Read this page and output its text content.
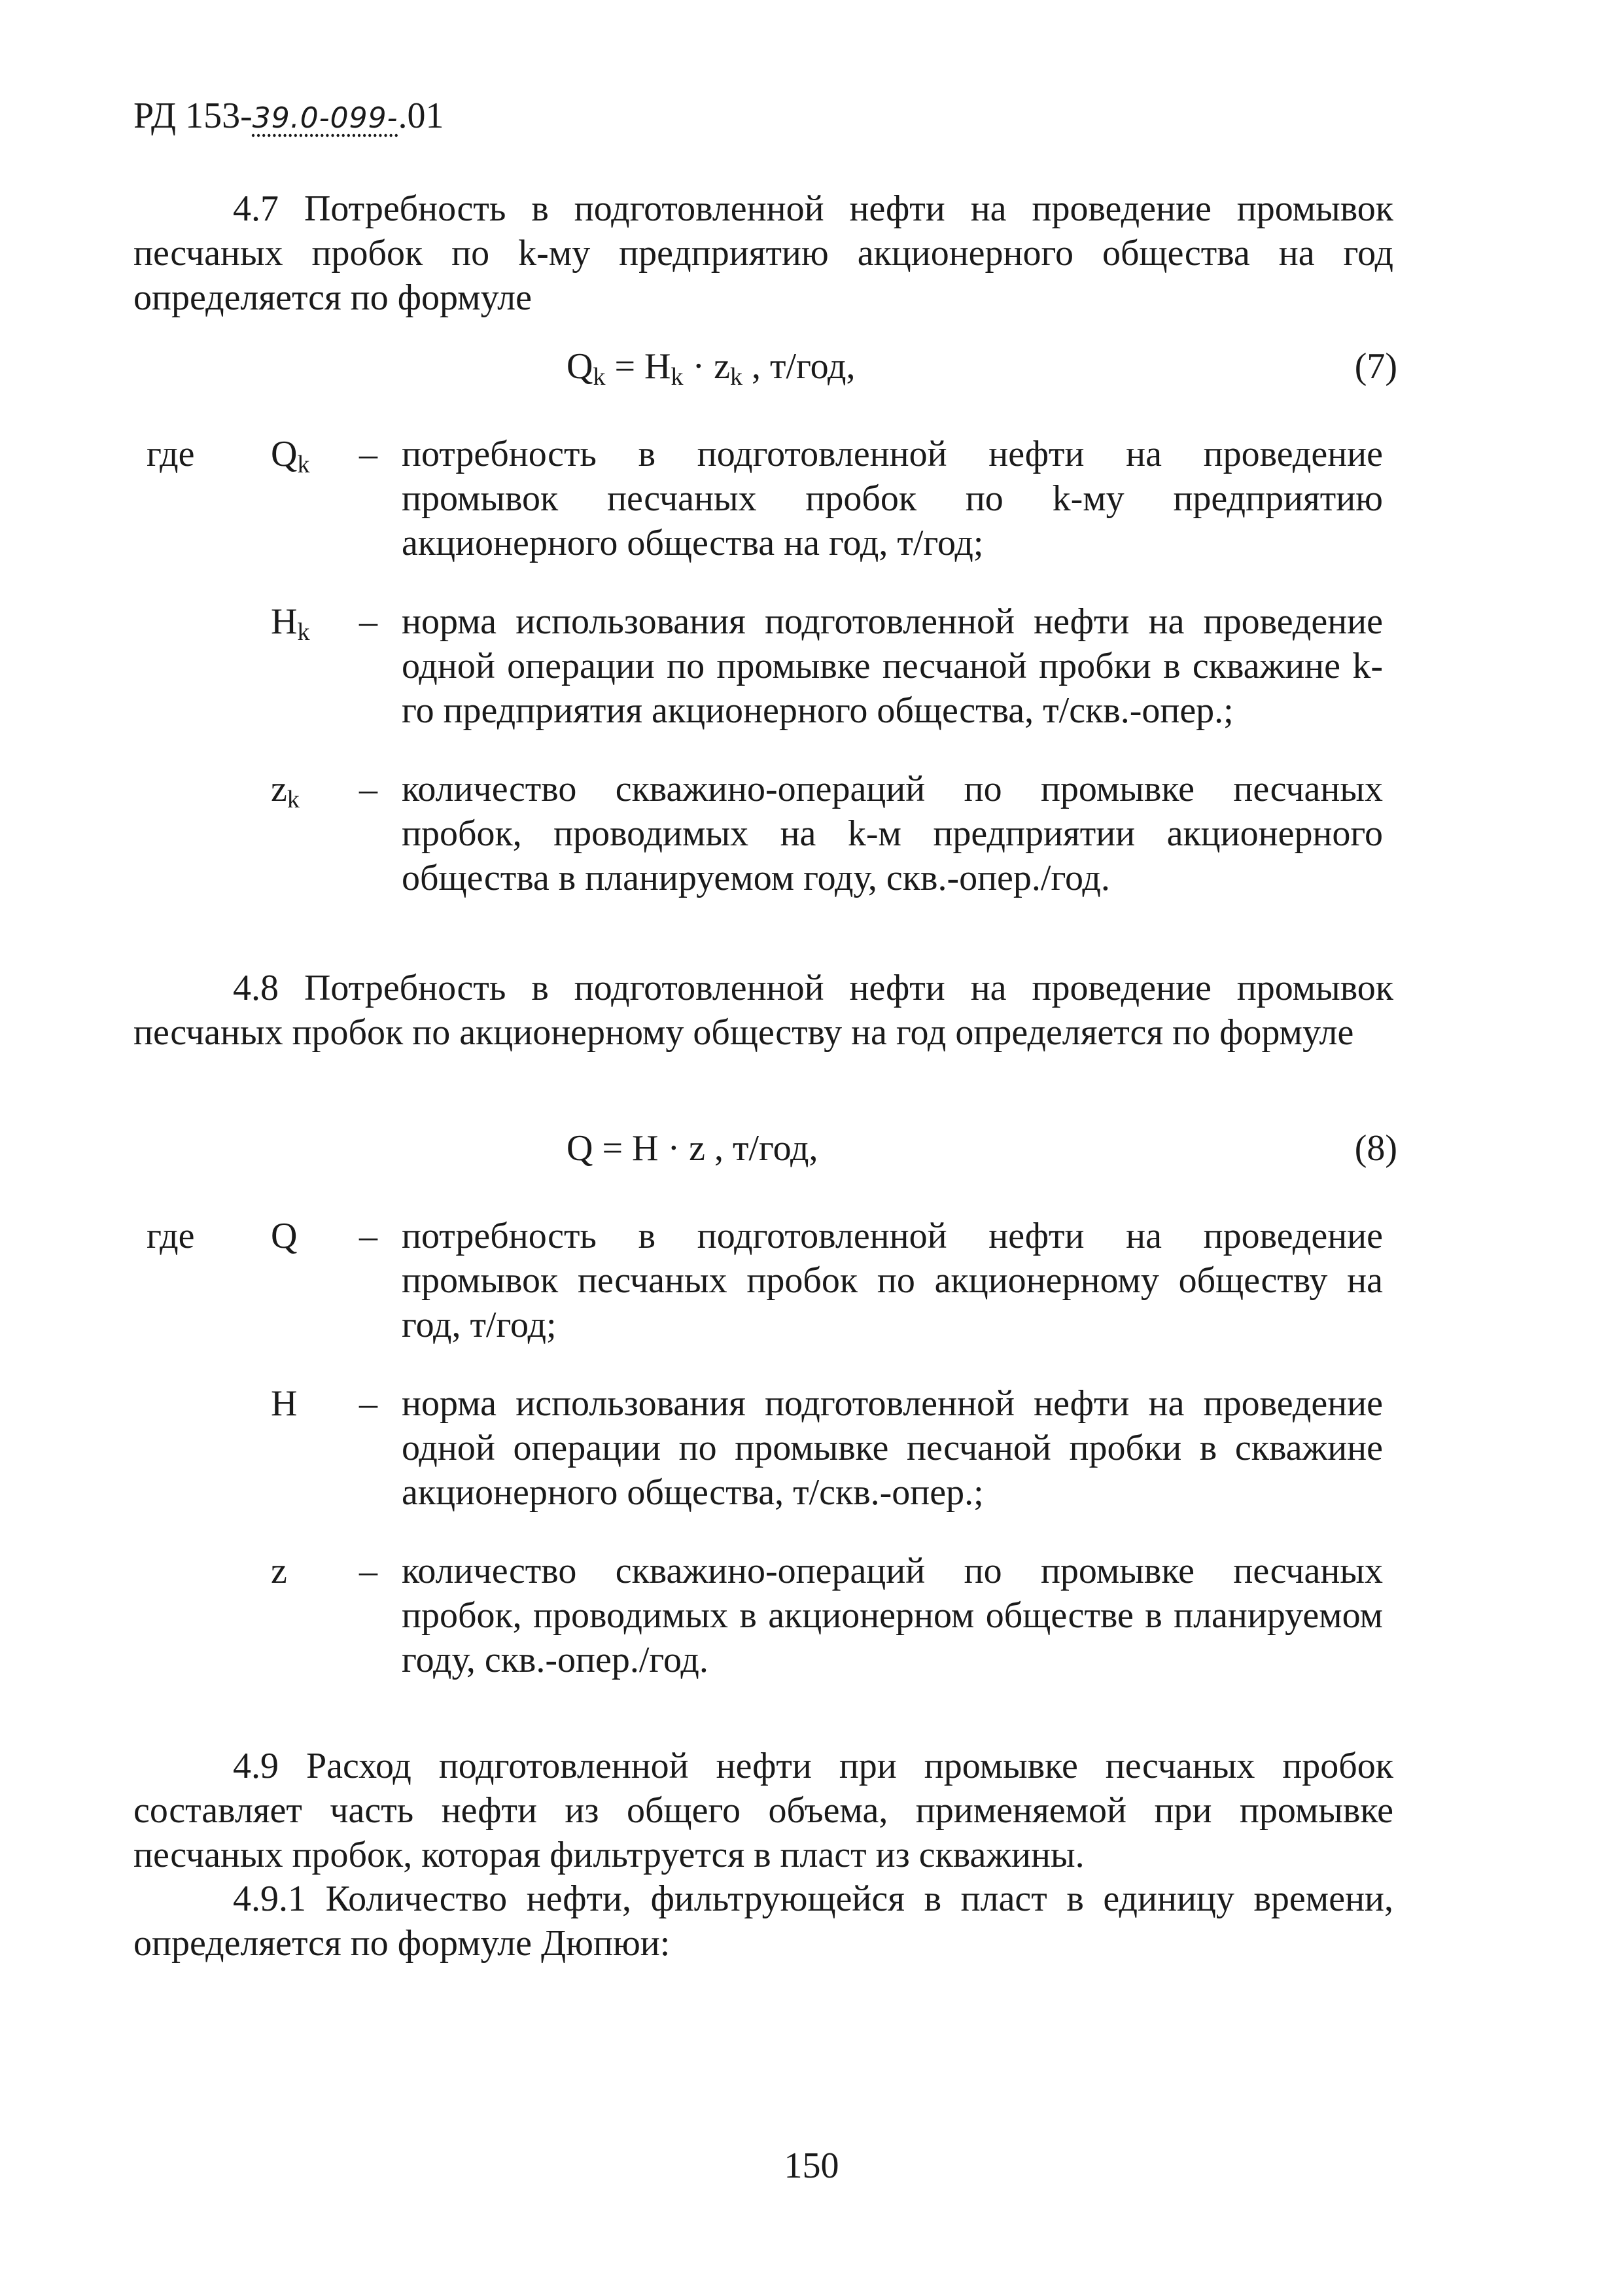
РД 153-39.0-099-.01
4.7 Потребность в подготовленной нефти на проведение промывок песчаных пробок по k-му предприятию акционерного общества на год определяется по формуле
$Q_k = H_k \cdot z_k$ , т/год,	(7)
где $Q_k$ – потребность в подготовленной нефти на проведение промывок песчаных пробок по k-му предприятию акционерного общества на год, т/год;
$H_k$ – норма использования подготовленной нефти на проведение одной операции по промывке песчаной пробки в скважине k-го предприятия акционерного общества, т/скв.-опер.;
$z_k$ – количество скважино-операций по промывке песчаных пробок, проводимых на k-м предприятии акционерного общества в планируемом году, скв.-опер./год.
4.8 Потребность в подготовленной нефти на проведение промывок песчаных пробок по акционерному обществу на год определяется по формуле
Q = H · z , т/год,	(8)
где Q – потребность в подготовленной нефти на проведение промывок песчаных пробок по акционерному обществу на год, т/год;
H – норма использования подготовленной нефти на проведение одной операции по промывке песчаной пробки в скважине акционерного общества, т/скв.-опер.;
z – количество скважино-операций по промывке песчаных пробок, проводимых в акционерном обществе в планируемом году, скв.-опер./год.
4.9 Расход подготовленной нефти при промывке песчаных пробок составляет часть нефти из общего объема, применяемой при промывке песчаных пробок, которая фильтруется в пласт из скважины.
4.9.1 Количество нефти, фильтрующейся в пласт в единицу времени, определяется по формуле Дюпюи:
150
